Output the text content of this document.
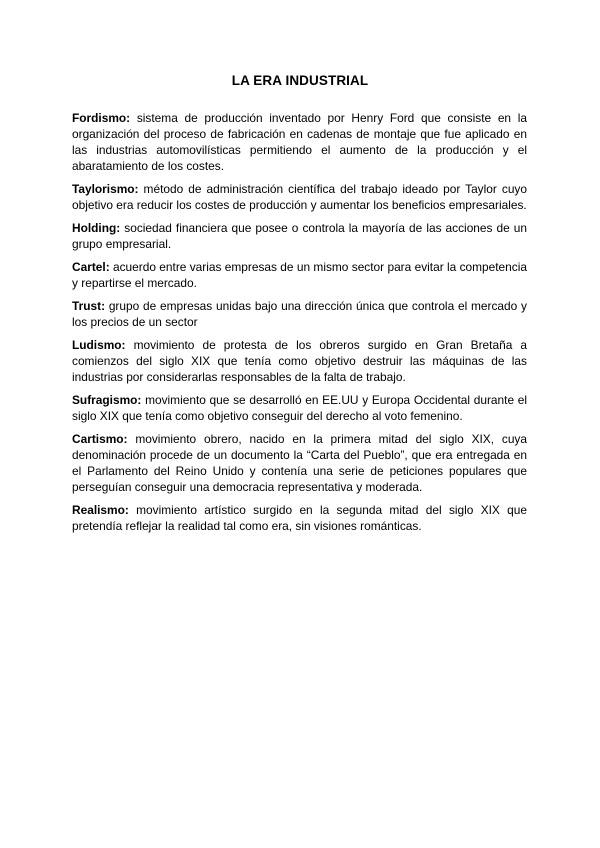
LA ERA INDUSTRIAL

Fordismo: sistema de producción inventado por Henry Ford que consiste en la organización del proceso de fabricación en cadenas de montaje que fue aplicado en las industrias automovilísticas permitiendo el aumento de la producción y el abaratamiento de los costes.

Taylorismo: método de administración científica del trabajo ideado por Taylor cuyo objetivo era reducir los costes de producción y aumentar los beneficios empresariales.

Holding: sociedad financiera que posee o controla la mayoría de las acciones de un grupo empresarial.

Cartel: acuerdo entre varias empresas de un mismo sector para evitar la competencia y repartirse el mercado.

Trust: grupo de empresas unidas bajo una dirección única que controla el mercado y los precios de un sector

Ludismo: movimiento de protesta de los obreros surgido en Gran Bretaña a comienzos del siglo XIX que tenía como objetivo destruir las máquinas de las industrias por considerarlas responsables de la falta de trabajo.

Sufragismo: movimiento que se desarrolló en EE.UU y Europa Occidental durante el siglo XIX que tenía como objetivo conseguir del derecho al voto femenino.

Cartismo: movimiento obrero, nacido en la primera mitad del siglo XIX, cuya denominación procede de un documento la “Carta del Pueblo”, que era entregada en el Parlamento del Reino Unido y contenía una serie de peticiones populares que perseguían conseguir una democracia representativa y moderada.

Realismo: movimiento artístico surgido en la segunda mitad del siglo XIX que pretendía reflejar la realidad tal como era, sin visiones románticas.
